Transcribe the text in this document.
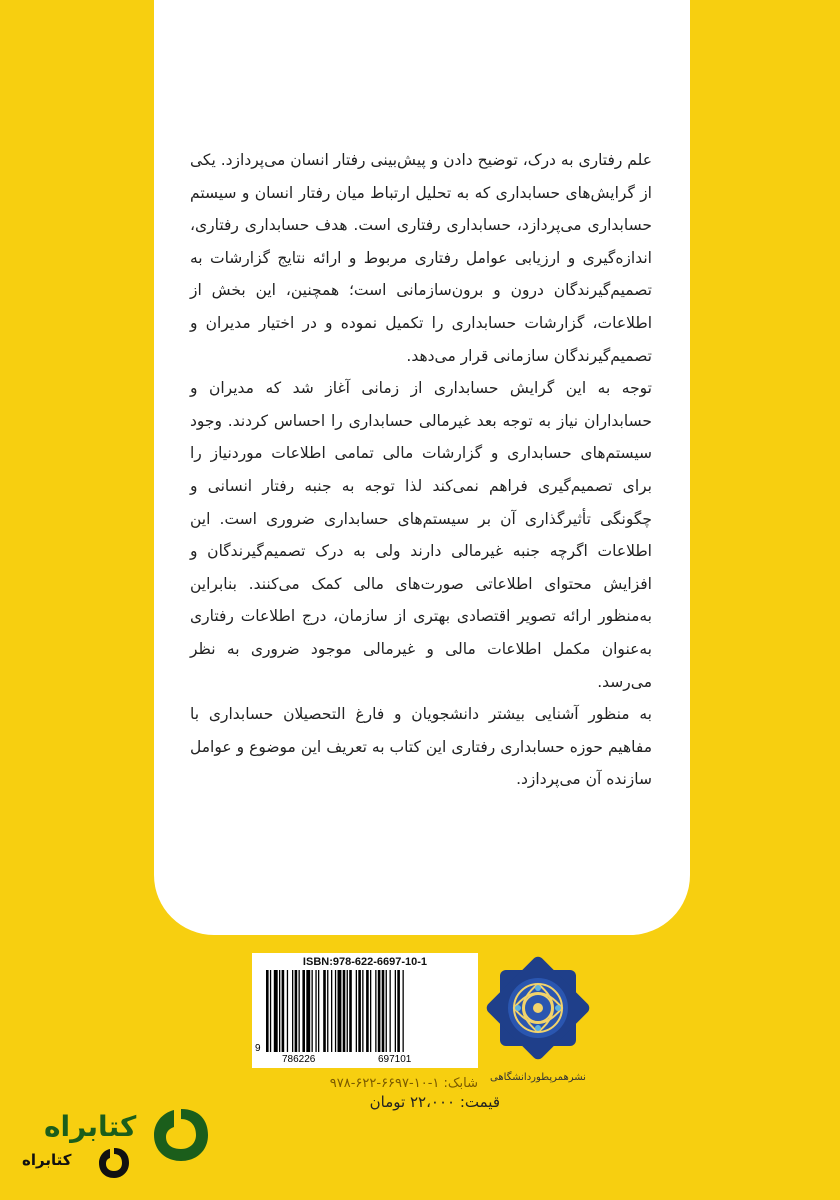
علم رفتاری به درک، توضیح دادن و پیش‌بینی رفتار انسان می‌پردازد. یکی از گرایش‌های حسابداری که به تحلیل ارتباط میان رفتار انسان و سیستم حسابداری می‌پردازد، حسابداری رفتاری است. هدف حسابداری رفتاری، اندازه‌گیری و ارزیابی عوامل رفتاری مربوط و ارائه نتایج گزارشات به تصمیم‌گیرندگان درون و برون‌سازمانی است؛ همچنین، این بخش از اطلاعات، گزارشات حسابداری را تکمیل نموده و در اختیار مدیران و تصمیم‌گیرندگان سازمانی قرار می‌دهد.

توجه به این گرایش حسابداری از زمانی آغاز شد که مدیران و حسابداران نیاز به توجه بعد غیرمالی حسابداری را احساس کردند. وجود سیستم‌های حسابداری و گزارشات مالی تمامی اطلاعات موردنیاز را برای تصمیم‌گیری فراهم نمی‌کند لذا توجه به جنبه رفتار انسانی و چگونگی تأثیرگذاری آن بر سیستم‌های حسابداری ضروری است. این اطلاعات اگرچه جنبه غیرمالی دارند ولی به درک تصمیم‌گیرندگان و افزایش محتوای اطلاعاتی صورت‌های مالی کمک می‌کنند. بنابراین به‌منظور ارائه تصویر اقتصادی بهتری از سازمان، درج اطلاعات رفتاری به‌عنوان مکمل اطلاعات مالی و غیرمالی موجود ضروری به نظر می‌رسد.

به منظور آشنایی بیشتر دانشجویان و فارغ التحصیلان حسابداری با مفاهیم حوزه حسابداری رفتاری این کتاب به تعریف این موضوع و عوامل سازنده آن می‌پردازد.

ISBN:978-622-6697-10-1
9
786226	697101
شابک: ۱-۱۰-۶۶۹۷-۶۲۲-۹۷۸
قیمت: ۲۲،۰۰۰ تومان
نشرهمرپطوردانشگاهی
کتابراه
کتابراه
